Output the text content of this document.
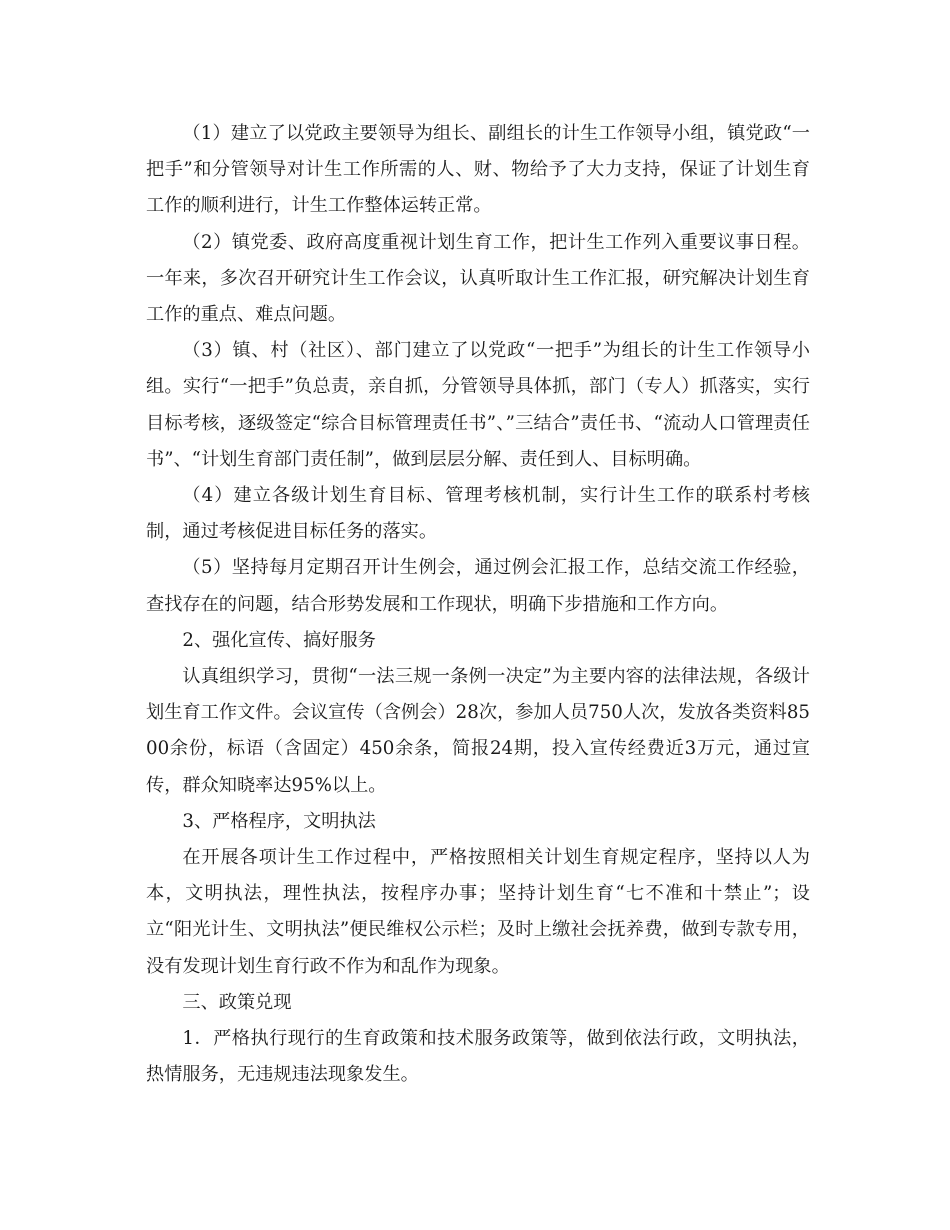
（1）建立了以党政主要领导为组长、副组长的计生工作领导小组，镇党政“一把手”和分管领导对计生工作所需的人、财、物给予了大力支持，保证了计划生育工作的顺利进行，计生工作整体运转正常。

（2）镇党委、政府高度重视计划生育工作，把计生工作列入重要议事日程。一年来，多次召开研究计生工作会议，认真听取计生工作汇报，研究解决计划生育工作的重点、难点问题。

（3）镇、村（社区）、部门建立了以党政“一把手”为组长的计生工作领导小组。实行“一把手”负总责，亲自抓，分管领导具体抓，部门（专人）抓落实，实行目标考核，逐级签定“综合目标管理责任书”、”三结合”责任书、“流动人口管理责任书”、“计划生育部门责任制”，做到层层分解、责任到人、目标明确。

（4）建立各级计划生育目标、管理考核机制，实行计生工作的联系村考核制，通过考核促进目标任务的落实。

（5）坚持每月定期召开计生例会，通过例会汇报工作，总结交流工作经验，查找存在的问题，结合形势发展和工作现状，明确下步措施和工作方向。

2、强化宣传、搞好服务

认真组织学习，贯彻“一法三规一条例一决定”为主要内容的法律法规，各级计划生育工作文件。会议宣传（含例会）28次，参加人员750人次，发放各类资料8500余份，标语（含固定）450余条，简报24期，投入宣传经费近3万元，通过宣传，群众知晓率达95%以上。

3、严格程序，文明执法

在开展各项计生工作过程中，严格按照相关计划生育规定程序，坚持以人为本，文明执法，理性执法，按程序办事；坚持计划生育“七不准和十禁止”；设立“阳光计生、文明执法”便民维权公示栏；及时上缴社会抚养费，做到专款专用，没有发现计划生育行政不作为和乱作为现象。

三、政策兑现

1．严格执行现行的生育政策和技术服务政策等，做到依法行政，文明执法，热情服务，无违规违法现象发生。
